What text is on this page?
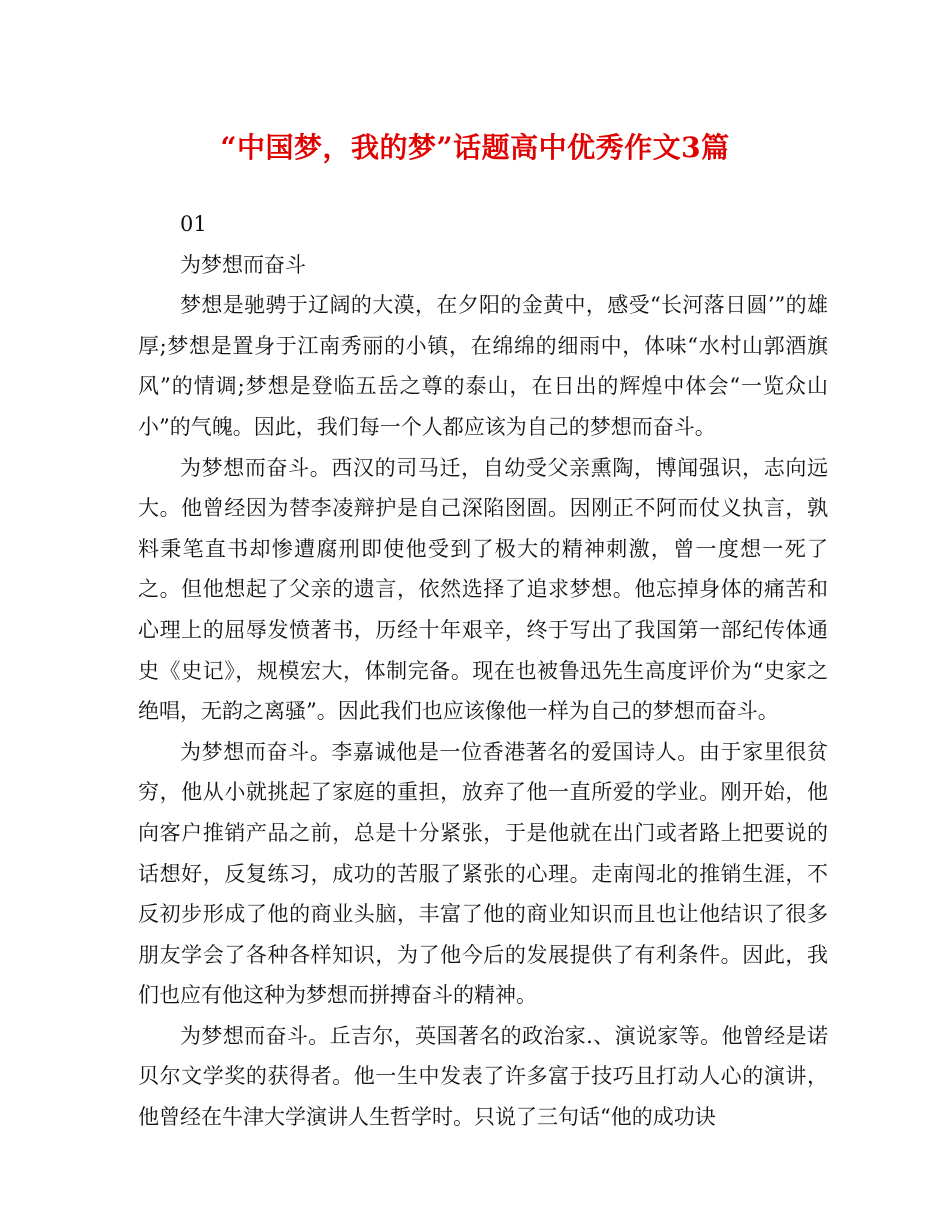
“中国梦，我的梦”话题高中优秀作文3篇

01

为梦想而奋斗

梦想是驰骋于辽阔的大漠，在夕阳的金黄中，感受“长河落日圆’”的雄厚;梦想是置身于江南秀丽的小镇，在绵绵的细雨中，体味“水村山郭酒旗风”的情调;梦想是登临五岳之尊的泰山，在日出的辉煌中体会“一览众山小”的气魄。因此，我们每一个人都应该为自己的梦想而奋斗。

为梦想而奋斗。西汉的司马迁，自幼受父亲熏陶，博闻强识，志向远大。他曾经因为替李凌辩护是自己深陷囹圄。因刚正不阿而仗义执言，孰料秉笔直书却惨遭腐刑即使他受到了极大的精神刺激，曾一度想一死了之。但他想起了父亲的遗言，依然选择了追求梦想。他忘掉身体的痛苦和心理上的屈辱发愤著书，历经十年艰辛，终于写出了我国第一部纪传体通史《史记》，规模宏大，体制完备。现在也被鲁迅先生高度评价为“史家之绝唱，无韵之离骚”。因此我们也应该像他一样为自己的梦想而奋斗。

为梦想而奋斗。李嘉诚他是一位香港著名的爱国诗人。由于家里很贫穷，他从小就挑起了家庭的重担，放弃了他一直所爱的学业。刚开始，他向客户推销产品之前，总是十分紧张，于是他就在出门或者路上把要说的话想好，反复练习，成功的苦服了紧张的心理。走南闯北的推销生涯，不反初步形成了他的商业头脑，丰富了他的商业知识而且也让他结识了很多朋友学会了各种各样知识，为了他今后的发展提供了有利条件。因此，我们也应有他这种为梦想而拼搏奋斗的精神。

为梦想而奋斗。丘吉尔，英国著名的政治家.、演说家等。他曾经是诺贝尔文学奖的获得者。他一生中发表了许多富于技巧且打动人心的演讲，他曾经在牛津大学演讲人生哲学时。只说了三句话“他的成功诀
